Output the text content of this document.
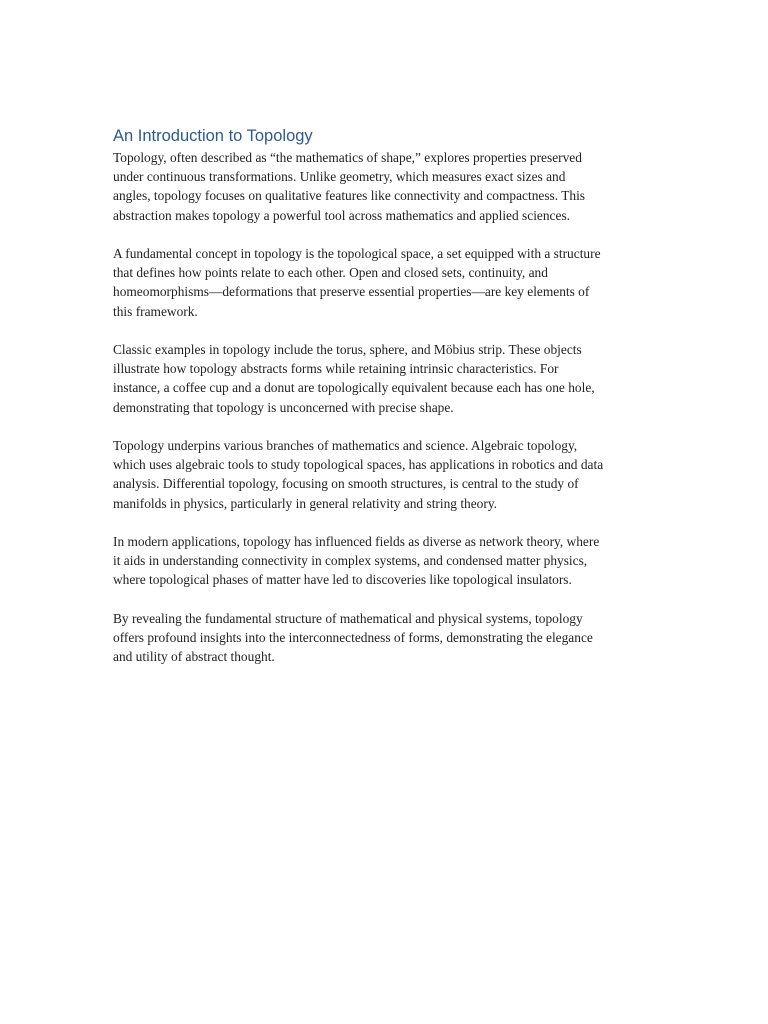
An Introduction to Topology

Topology, often described as “the mathematics of shape,” explores properties preserved
under continuous transformations. Unlike geometry, which measures exact sizes and
angles, topology focuses on qualitative features like connectivity and compactness. This
abstraction makes topology a powerful tool across mathematics and applied sciences.

A fundamental concept in topology is the topological space, a set equipped with a structure
that defines how points relate to each other. Open and closed sets, continuity, and
homeomorphisms—deformations that preserve essential properties—are key elements of
this framework.

Classic examples in topology include the torus, sphere, and Möbius strip. These objects
illustrate how topology abstracts forms while retaining intrinsic characteristics. For
instance, a coffee cup and a donut are topologically equivalent because each has one hole,
demonstrating that topology is unconcerned with precise shape.

Topology underpins various branches of mathematics and science. Algebraic topology,
which uses algebraic tools to study topological spaces, has applications in robotics and data
analysis. Differential topology, focusing on smooth structures, is central to the study of
manifolds in physics, particularly in general relativity and string theory.

In modern applications, topology has influenced fields as diverse as network theory, where
it aids in understanding connectivity in complex systems, and condensed matter physics,
where topological phases of matter have led to discoveries like topological insulators.

By revealing the fundamental structure of mathematical and physical systems, topology
offers profound insights into the interconnectedness of forms, demonstrating the elegance
and utility of abstract thought.
